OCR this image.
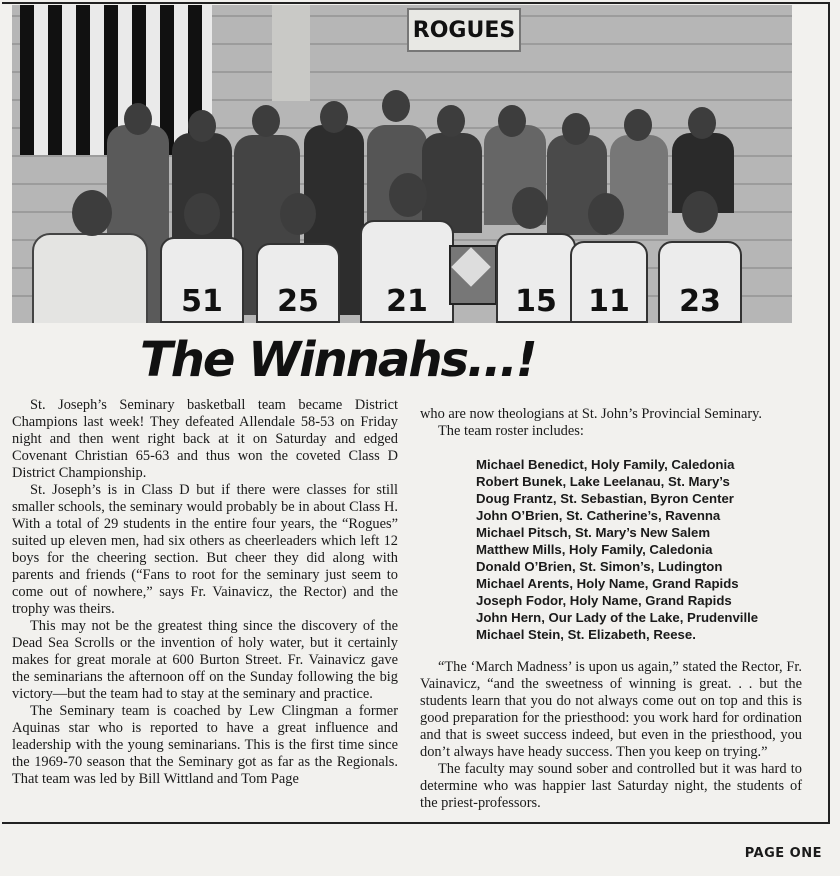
ROGUES
51	25	21	15	11	23
The Winnahs...!

St. Joseph’s Seminary basketball team became District Champions last week! They defeated Allendale 58-53 on Friday night and then went right back at it on Saturday and edged Covenant Christian 65-63 and thus won the coveted Class D District Championship.

St. Joseph’s is in Class D but if there were classes for still smaller schools, the seminary would probably be in about Class H. With a total of 29 students in the entire four years, the “Rogues” suited up eleven men, had six others as cheerleaders which left 12 boys for the cheering section. But cheer they did along with parents and friends (“Fans to root for the seminary just seem to come out of nowhere,” says Fr. Vainavicz, the Rector) and the trophy was theirs.

This may not be the greatest thing since the discovery of the Dead Sea Scrolls or the invention of holy water, but it certainly makes for great morale at 600 Burton Street. Fr. Vainavicz gave the seminarians the afternoon off on the Sunday following the big victory—but the team had to stay at the seminary and practice.

The Seminary team is coached by Lew Clingman a former Aquinas star who is reported to have a great influence and leadership with the young seminarians. This is the first time since the 1969-70 season that the Seminary got as far as the Regionals. That team was led by Bill Wittland and Tom Page

who are now theologians at St. John’s Provincial Seminary.

The team roster includes:

Michael Benedict, Holy Family, Caledonia
Robert Bunek, Lake Leelanau, St. Mary’s
Doug Frantz, St. Sebastian, Byron Center
John O’Brien, St. Catherine’s, Ravenna
Michael Pitsch, St. Mary’s New Salem
Matthew Mills, Holy Family, Caledonia
Donald O’Brien, St. Simon’s, Ludington
Michael Arents, Holy Name, Grand Rapids
Joseph Fodor, Holy Name, Grand Rapids
John Hern, Our Lady of the Lake, Prudenville
Michael Stein, St. Elizabeth, Reese.

“The ‘March Madness’ is upon us again,” stated the Rector, Fr. Vainavicz, “and the sweetness of winning is great. . . but the students learn that you do not always come out on top and this is good preparation for the priesthood: you work hard for ordination and that is sweet success indeed, but even in the priesthood, you don’t always have heady success. Then you keep on trying.”

The faculty may sound sober and controlled but it was hard to determine who was happier last Saturday night, the students of the priest-professors.

PAGE ONE
